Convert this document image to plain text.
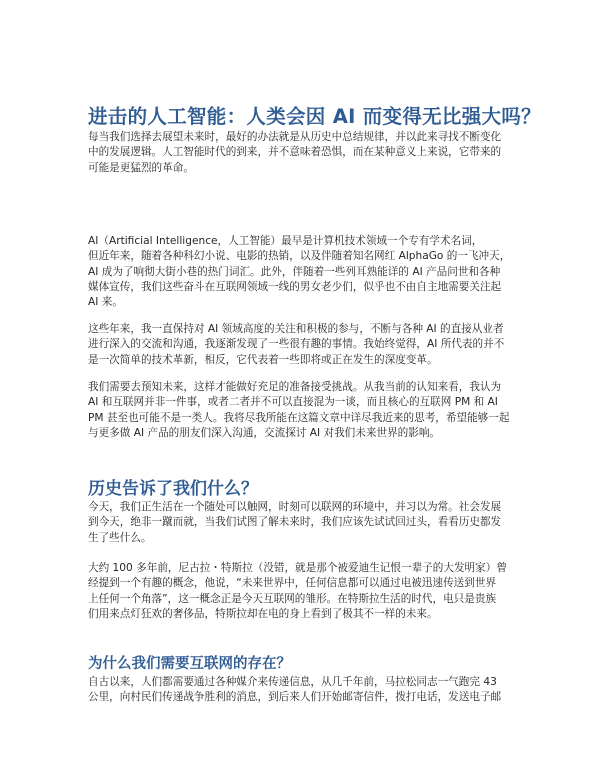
进击的人工智能：人类会因 AI 而变得无比强大吗？
每当我们选择去展望未来时，最好的办法就是从历史中总结规律，并以此来寻找不断变化
中的发展逻辑。人工智能时代的到来，并不意味着恐惧，而在某种意义上来说，它带来的
可能是更猛烈的革命。
AI（Artificial Intelligence，人工智能）最早是计算机技术领域一个专有学术名词，
但近年来，随着各种科幻小说、电影的热销，以及伴随着知名网红 AlphaGo 的一飞冲天，
AI 成为了响彻大街小巷的热门词汇。此外，伴随着一些列耳熟能详的 AI 产品问世和各种
媒体宣传，我们这些奋斗在互联网领域一线的男女老少们，似乎也不由自主地需要关注起
AI 来。
这些年来，我一直保持对 AI 领域高度的关注和积极的参与，不断与各种 AI 的直接从业者
进行深入的交流和沟通，我逐渐发现了一些很有趣的事情。我始终觉得，AI 所代表的并不
是一次简单的技术革新，相反，它代表着一些即将或正在发生的深度变革。
我们需要去预知未来，这样才能做好充足的准备接受挑战。从我当前的认知来看，我认为
AI 和互联网并非一件事，或者二者并不可以直接混为一谈，而且核心的互联网 PM 和 AI
PM 甚至也可能不是一类人。我将尽我所能在这篇文章中详尽我近来的思考，希望能够一起
与更多做 AI 产品的朋友们深入沟通，交流探讨 AI 对我们未来世界的影响。
历史告诉了我们什么？
今天，我们正生活在一个随处可以触网，时刻可以联网的环境中，并习以为常。社会发展
到今天，绝非一蹴而就，当我们试图了解未来时，我们应该先试试回过头，看看历史都发
生了些什么。
大约 100 多年前，尼古拉・特斯拉（没错，就是那个被爱迪生记恨一辈子的大发明家）曾
经提到一个有趣的概念，他说，“未来世界中，任何信息都可以通过电被迅速传送到世界
上任何一个角落”，这一概念正是今天互联网的雏形。在特斯拉生活的时代，电只是贵族
们用来点灯狂欢的奢侈品，特斯拉却在电的身上看到了极其不一样的未来。
为什么我们需要互联网的存在？
自古以来，人们都需要通过各种媒介来传递信息，从几千年前，马拉松同志一气跑完 43
公里，向村民们传递战争胜利的消息，到后来人们开始邮寄信件，拨打电话，发送电子邮
